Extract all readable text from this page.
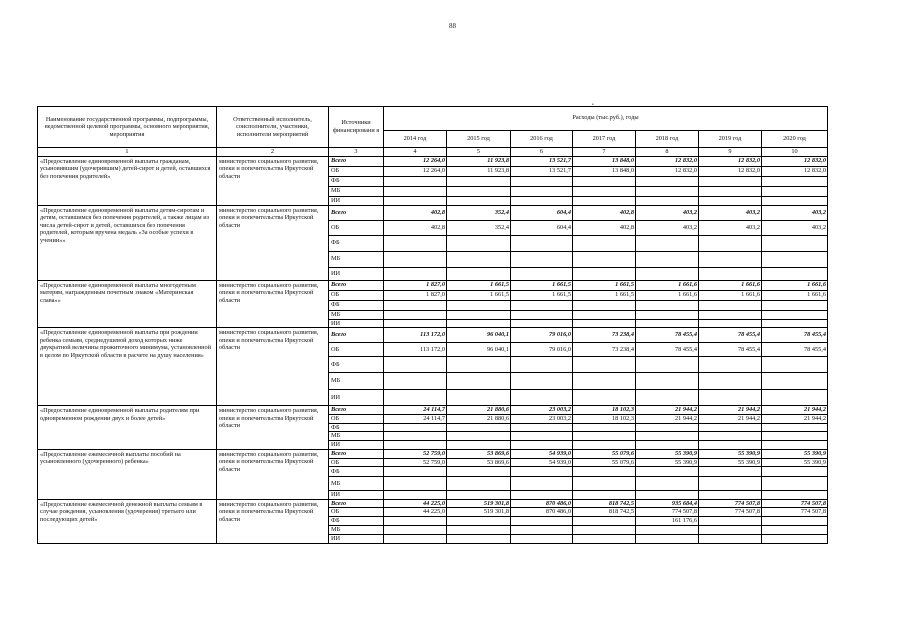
88
•
Наименование государственной программы, подпрограммы, ведомственной целевой программы, основного мероприятия, мероприятия	Ответственный исполнитель, соисполнители, участники, исполнители мероприятий	Источники финансировани я	Расходы (тыс.руб.), годы						
			2014 год	2015 год	2016 год	2017 год	2018 год	2019 год	2020 год
1	2	3	4	5	6	7	8	9	10
«Предоставление единовременной выплаты гражданам, усыновившим (удочерившим) детей-сирот и детей, оставшихся без попечения родителей»	министерство социального развития, опеки и попечительства Иркутской области	Всего	12 264,0	11 923,8	13 521,7	13 848,0	12 832,0	12 832,0	12 832,0
		ОБ	12 264,0	11 923,8	13 521,7	13 848,0	12 832,0	12 832,0	12 832,0
		ФБ							
		МБ							
		ИИ							
«Предоставление единовременной выплаты детям-сиротам и детям, оставшимся без попечения родителей, а также лицам из числа детей-сирот и детей, оставшихся без попечения родителей, которым вручена медаль «За особые успехи в учении»»	министерство социального развития, опеки и попечительства Иркутской области	Всего	402,8	352,4	604,4	402,8	403,2	403,2	403,2
		ОБ	402,8	352,4	604,4	402,8	403,2	403,2	403,2
		ФБ							
		МБ							
		ИИ							
«Предоставление единовременной выплаты многодетным матерям, награжденным почетным знаком «Материнская слава»»	министерство социального развития, опеки и попечительства Иркутской области	Всего	1 827,0	1 661,5	1 661,5	1 661,5	1 661,6	1 661,6	1 661,6
		ОБ	1 827,0	1 661,5	1 661,5	1 661,5	1 661,6	1 661,6	1 661,6
		ФБ							
		МБ							
		ИИ							
«Предоставление единовременной выплаты при рождении ребенка семьям, среднедушевой доход которых ниже двукратной величины прожиточного минимума, установленной в целом по Иркутской области в расчете на душу населения»	министерство социального развития, опеки и попечительства Иркутской области	Всего	113 172,0	96 040,1	79 016,0	73 238,4	78 455,4	78 455,4	78 455,4
		ОБ	113 172,0	96 040,1	79 016,0	73 238,4	78 455,4	78 455,4	78 455,4
		ФБ							
		МБ							
		ИИ							
«Предоставление единовременной выплаты родителям при одновременном рождении двух и более детей»	министерство социального развития, опеки и попечительства Иркутской области	Всего	24 114,7	21 880,6	23 003,2	18 102,3	21 944,2	21 944,2	21 944,2
		ОБ	24 114,7	21 880,6	23 003,2	18 102,3	21 944,2	21 944,2	21 944,2
		ФБ							
		МБ							
		ИИ							
«Предоставление ежемесячной выплаты пособий на усыновленного (удочеренного) ребенка»	министерство социального развития, опеки и попечительства Иркутской области	Всего	52 759,0	53 869,6	54 939,0	55 079,6	55 390,9	55 390,9	55 390,9
		ОБ	52 759,0	53 869,6	54 939,0	55 079,6	55 390,9	55 390,9	55 390,9
		ФБ							
		МБ							
		ИИ							
«Предоставление ежемесячной денежной выплаты семьям в случае рождения, усыновления (удочерения) третьего или последующих детей»	министерство социального развития, опеки и попечительства Иркутской области	Всего	44 225,0	519 301,8	870 486,0	818 742,5	935 684,4	774 507,8	774 507,8
		ОБ	44 225,0	519 301,8	870 486,0	818 742,5	774 507,8	774 507,8	774 507,8
		ФБ					161 176,6		
		МБ							
		ИИ							
